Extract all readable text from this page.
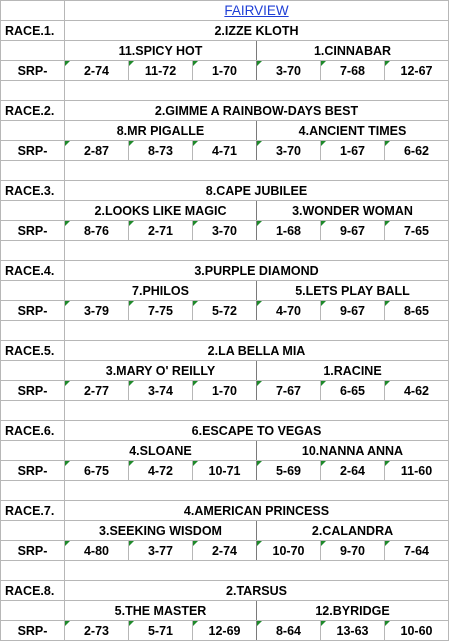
	FAIRVIEW					
RACE.1.	2.IZZE KLOTH					
	11.SPICY HOT			1.CINNABAR		
SRP-	2-74	11-72	1-70	3-70	7-68	12-67

RACE.2.	2.GIMME A RAINBOW-DAYS BEST					
	8.MR PIGALLE			4.ANCIENT TIMES		
SRP-	2-87	8-73	4-71	3-70	1-67	6-62

RACE.3.	8.CAPE JUBILEE					
	2.LOOKS LIKE MAGIC			3.WONDER WOMAN		
SRP-	8-76	2-71	3-70	1-68	9-67	7-65

RACE.4.	3.PURPLE DIAMOND					
	7.PHILOS			5.LETS PLAY BALL		
SRP-	3-79	7-75	5-72	4-70	9-67	8-65

RACE.5.	2.LA BELLA MIA					
	3.MARY O' REILLY			1.RACINE		
SRP-	2-77	3-74	1-70	7-67	6-65	4-62

RACE.6.	6.ESCAPE TO VEGAS					
	4.SLOANE			10.NANNA ANNA		
SRP-	6-75	4-72	10-71	5-69	2-64	11-60

RACE.7.	4.AMERICAN PRINCESS					
	3.SEEKING WISDOM			2.CALANDRA		
SRP-	4-80	3-77	2-74	10-70	9-70	7-64

RACE.8.	2.TARSUS					
	5.THE MASTER			12.BYRIDGE		
SRP-	2-73	5-71	12-69	8-64	13-63	10-60
